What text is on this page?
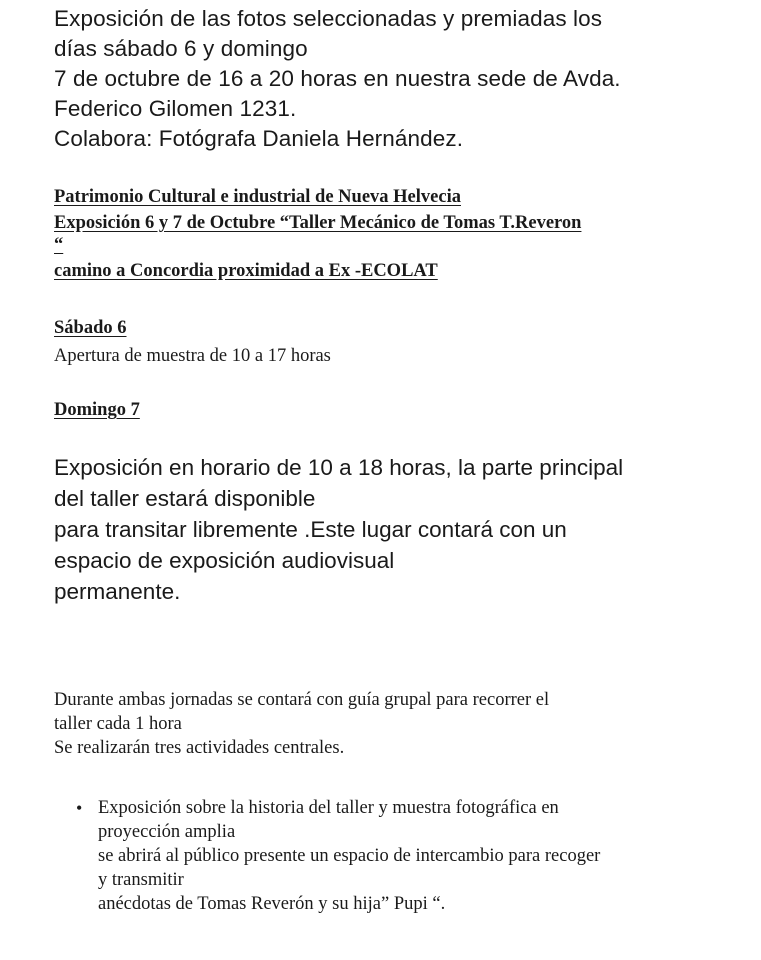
Exposición de las fotos seleccionadas y premiadas los
días sábado 6 y domingo
7 de octubre de 16 a 20 horas en nuestra sede de Avda.
Federico Gilomen 1231.
Colabora: Fotógrafa Daniela Hernández.
Patrimonio Cultural e industrial de Nueva Helvecia
Exposición 6 y 7 de Octubre “Taller Mecánico de Tomas T.Reveron
“
camino a Concordia proximidad a Ex -ECOLAT
Sábado 6
Apertura de muestra de 10 a 17 horas
Domingo 7
Exposición en horario de 10 a 18 horas, la parte principal
del taller estará disponible
para transitar libremente .Este lugar contará con un
espacio de exposición audiovisual
permanente.
Durante ambas jornadas se contará con guía grupal para recorrer el
taller cada 1 hora
Se realizarán tres actividades centrales.
• Exposición sobre la historia del taller y muestra fotográfica en
proyección amplia
se abrirá al público presente un espacio de intercambio para recoger
y transmitir
anécdotas de Tomas Reverón y su hija” Pupi “.
